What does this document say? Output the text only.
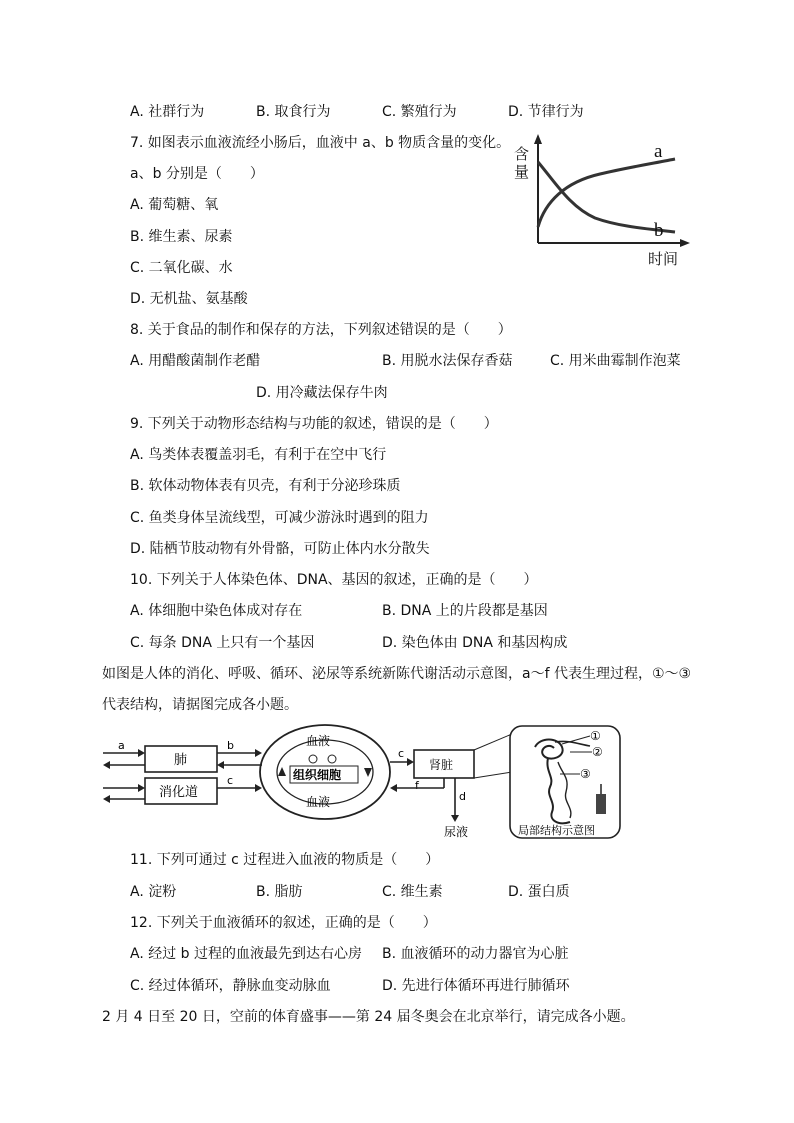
A. 社群行为	B. 取食行为	C. 繁殖行为	D. 节律行为
7. 如图表示血液流经小肠后，血液中 a、b 物质含量的变化。
a、b 分别是（　　）
A. 葡萄糖、氧
B. 维生素、尿素
C. 二氧化碳、水
D. 无机盐、氨基酸
含
量
a
b
时间
8. 关于食品的制作和保存的方法，下列叙述错误的是（　　）
A. 用醋酸菌制作老醋	B. 用脱水法保存香菇	C. 用米曲霉制作泡菜
D. 用冷藏法保存牛肉
9. 下列关于动物形态结构与功能的叙述，错误的是（　　）
A. 鸟类体表覆盖羽毛，有利于在空中飞行
B. 软体动物体表有贝壳，有利于分泌珍珠质
C. 鱼类身体呈流线型，可减少游泳时遇到的阻力
D. 陆栖节肢动物有外骨骼，可防止体内水分散失
10. 下列关于人体染色体、DNA、基因的叙述，正确的是（　　）
A. 体细胞中染色体成对存在	B. DNA 上的片段都是基因
C. 每条 DNA 上只有一个基因	D. 染色体由 DNA 和基因构成
如图是人体的消化、呼吸、循环、泌尿等系统新陈代谢活动示意图，a～f 代表生理过程，①～③
代表结构，请据图完成各小题。
a
肺
消化道
b
c
血液
组织细胞
血液
c
f
肾脏
d
尿液
①
②
③
局部结构示意图
11. 下列可通过 c 过程进入血液的物质是（　　）
A. 淀粉	B. 脂肪	C. 维生素	D. 蛋白质
12. 下列关于血液循环的叙述，正确的是（　　）
A. 经过 b 过程的血液最先到达右心房 B. 血液循环的动力器官为心脏
C. 经过体循环，静脉血变动脉血	D. 先进行体循环再进行肺循环
2 月 4 日至 20 日，空前的体育盛事——第 24 届冬奥会在北京举行，请完成各小题。
